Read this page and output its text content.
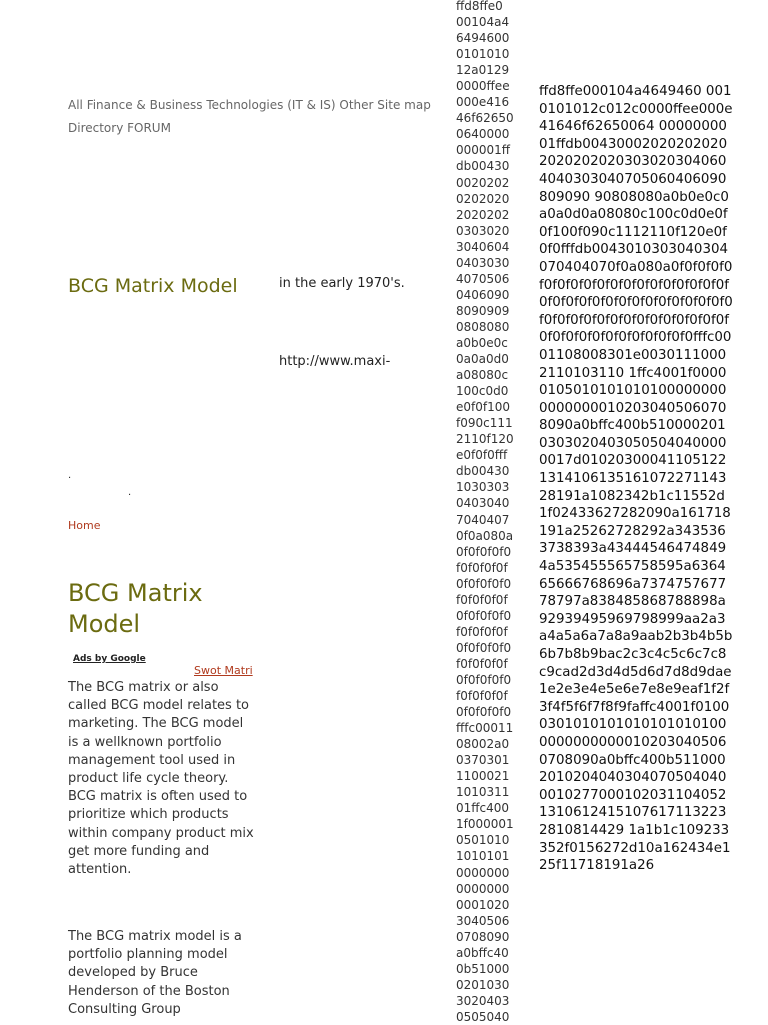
All Finance & Business Technologies (IT & IS) Other Site map Directory FORUM
BCG Matrix Model	in the early 1970's.
http://www.maxi-
.
.
Home
BCG Matrix Model
Ads by Google
Swot Matri
The BCG matrix or also called BCG model relates to marketing. The BCG model is a wellknown portfolio management tool used in product life cycle theory. BCG matrix is often used to prioritize which products within company product mix get more funding and attention.
The BCG matrix model is a portfolio planning model developed by Bruce Henderson of the Boston Consulting Group
ffd8ffe0
00104a4
6494600
0101010
12a0129
0000ffee
000e416
46f62650
0640000
000001ff
db00430
0020202
0202020
2020202
0303020
3040604
0403030
4070506
0406090
8090909
0808080
a0b0e0c
0a0a0d0
a08080c
100c0d0
e0f0f100
f090c111
2110f120
e0f0f0fff
db00430
1030303
0403040
7040407
0f0a080a
0f0f0f0f0
f0f0f0f0f
0f0f0f0f0
f0f0f0f0f
0f0f0f0f0
f0f0f0f0f
0f0f0f0f0
f0f0f0f0f
0f0f0f0f0
f0f0f0f0f
0f0f0f0f0
fffc00011
08002a0
0370301
1100021
1010311
01ffc400
1f000001
0501010
1010101
0000000
0000000
0001020
3040506
0708090
a0bffc40
0b51000
0201030
3020403
0505040
ffd8ffe000104a4649460 0010101012c012c0000ffee000e41646f62650064 0000000001ffdb0043000202020202020202020203030203040604040303040705060406090809090 90808080a0b0e0c0a0a0d0a08080c100c0d0e0f0f100f090c1112110f120e0f0f0fffdb0043010303040304070404070f0a080a0f0f0f0f0f0f0f0f0f0f0f0f0f0f0f0f0f0f0f0f0f0f0f0f0f0f0f0f0f0f0f0f0f0f0f0f0f0f0f0f0f0f0f0f0f0f0f0f0f0f0f0f0f0f0f0f0f0f0f0fffc0001108008301e00301110002110103110 1ffc4001f0000010501010101010000000000000000102030405060708090a0bffc400b51000020103030204030505040400000017d01020300041105122131410613516107227114328191a1082342b1c11552d1f02433627282090a161718191a25262728292a3435363738393a434445464748494a535455565758595a636465666768696a737475767778797a838485868788898a92939495969798999aa2a3a4a5a6a7a8a9aab2b3b4b5b6b7b8b9bac2c3c4c5c6c7c8c9cad2d3d4d5d6d7d8d9dae1e2e3e4e5e6e7e8e9eaf1f2f3f4f5f6f7f8f9faffc4001f0100030101010101010101010000000000000102030405060708090a0bffc400b5110002010204040304070504040001027700010203110405213106124151076171132232810814429 1a1b1c109233352f0156272d10a162434e125f11718191a26
